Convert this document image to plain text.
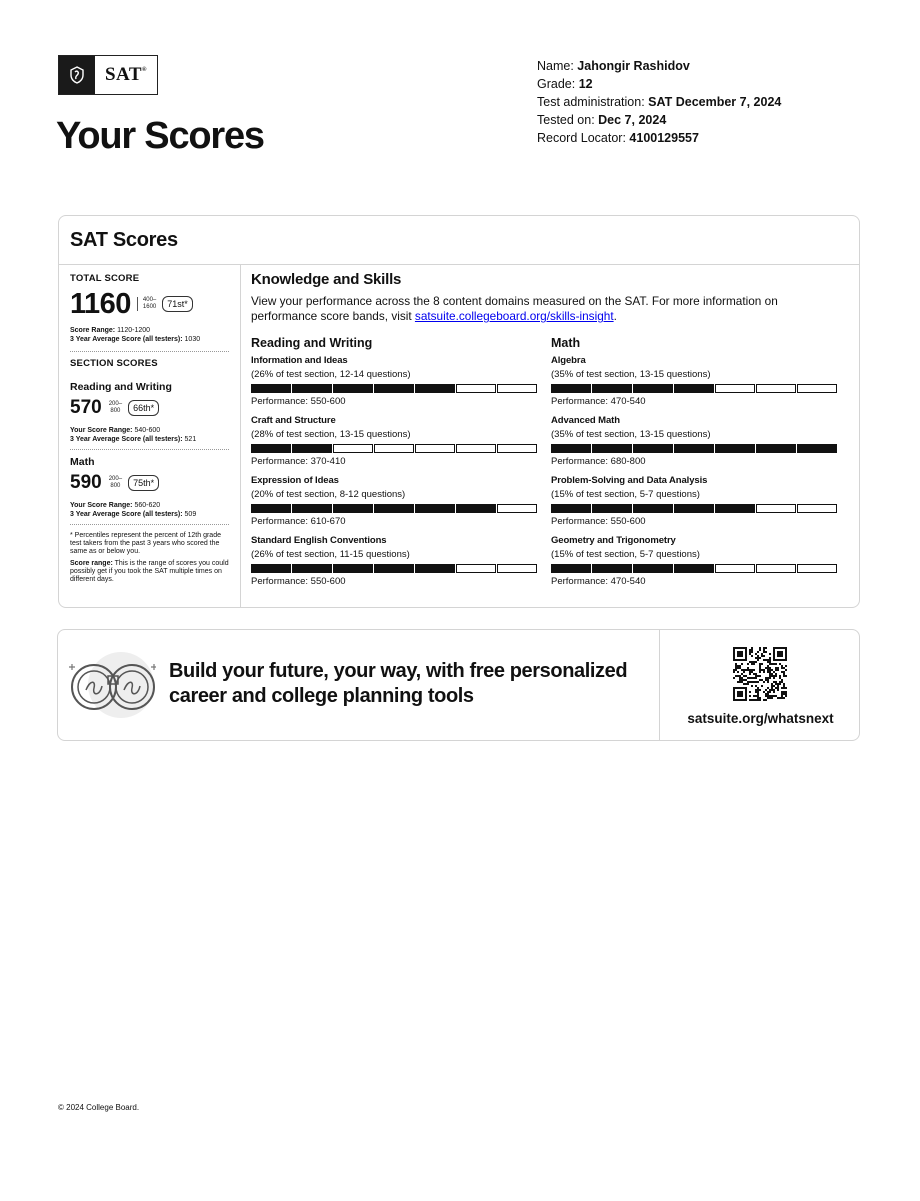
SAT®
Your Scores
Name: Jahongir Rashidov
Grade: 12
Test administration: SAT December 7, 2024
Tested on: Dec 7, 2024
Record Locator: 4100129557
SAT Scores
TOTAL SCORE
1160 400–
1600	71st*
Score Range: 1120-1200
3 Year Average Score (all testers): 1030
SECTION SCORES
Reading and Writing
570 200–
800	66th*
Your Score Range: 540-600
3 Year Average Score (all testers): 521
Math
590 200–
800	75th*
Your Score Range: 560-620
3 Year Average Score (all testers): 509
* Percentiles represent the percent of 12th grade test takers from the past 3 years who scored the same as or below you.
Score range: This is the range of scores you could possibly get if you took the SAT multiple times on different days.
Knowledge and Skills
View your performance across the 8 content domains measured on the SAT. For more information on performance score bands, visit satsuite.collegeboard.org/skills-insight.
Reading and Writing
Information and Ideas
(26% of test section, 12-14 questions)
Performance: 550-600
Craft and Structure
(28% of test section, 13-15 questions)
Performance: 370-410
Expression of Ideas
(20% of test section, 8-12 questions)
Performance: 610-670
Standard English Conventions
(26% of test section, 11-15 questions)
Performance: 550-600
Math
Algebra
(35% of test section, 13-15 questions)
Performance: 470-540
Advanced Math
(35% of test section, 13-15 questions)
Performance: 680-800
Problem-Solving and Data Analysis
(15% of test section, 5-7 questions)
Performance: 550-600
Geometry and Trigonometry
(15% of test section, 5-7 questions)
Performance: 470-540
Build your future, your way, with free personalized career and college planning tools
satsuite.org/whatsnext
© 2024 College Board.
